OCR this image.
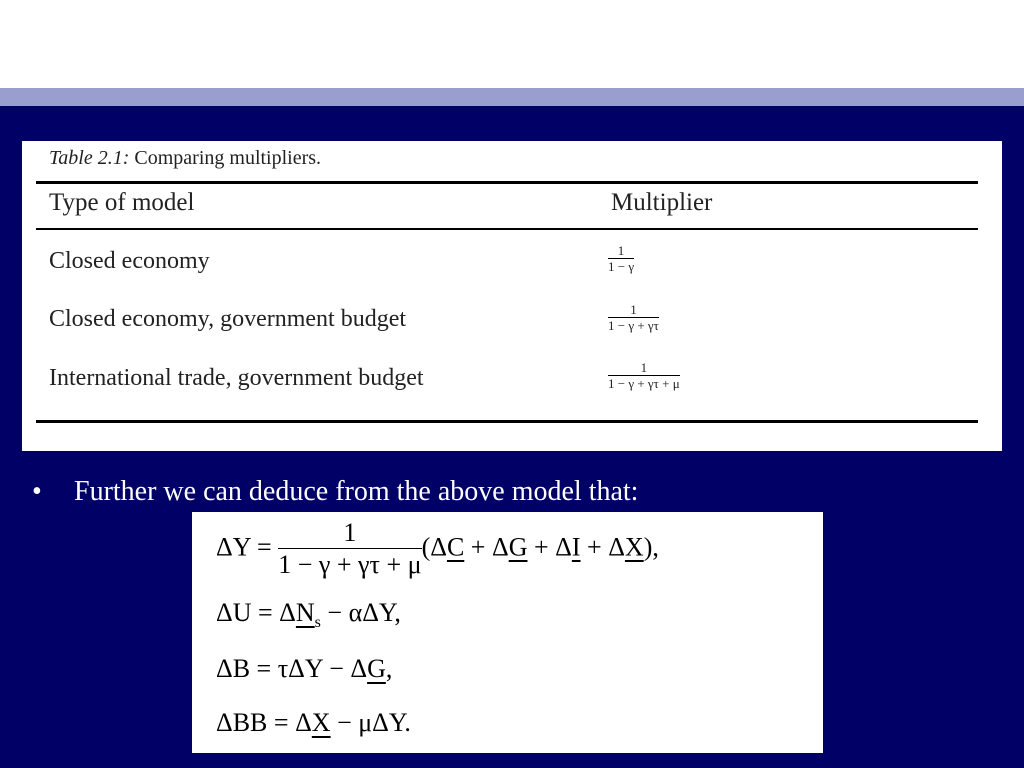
Table 2.1: Comparing multipliers.
Type of model	Multiplier
Closed economy	$\frac{1}{1 - \gamma}$
Closed economy, government budget	$\frac{1}{1 - \gamma + \gamma\tau}$
International trade, government budget	$\frac{1}{1 - \gamma + \gamma\tau + \mu}$
• Further we can deduce from the above model that:
$\Delta Y = \frac{1}{1 - \gamma + \gamma\tau + \mu} (\Delta C + \Delta G + \Delta I + \Delta X)$,
$\Delta U = \Delta N_s - \alpha\Delta Y$,
ΔB = τΔY − ΔG,
ΔBB = ΔX − μΔY.
